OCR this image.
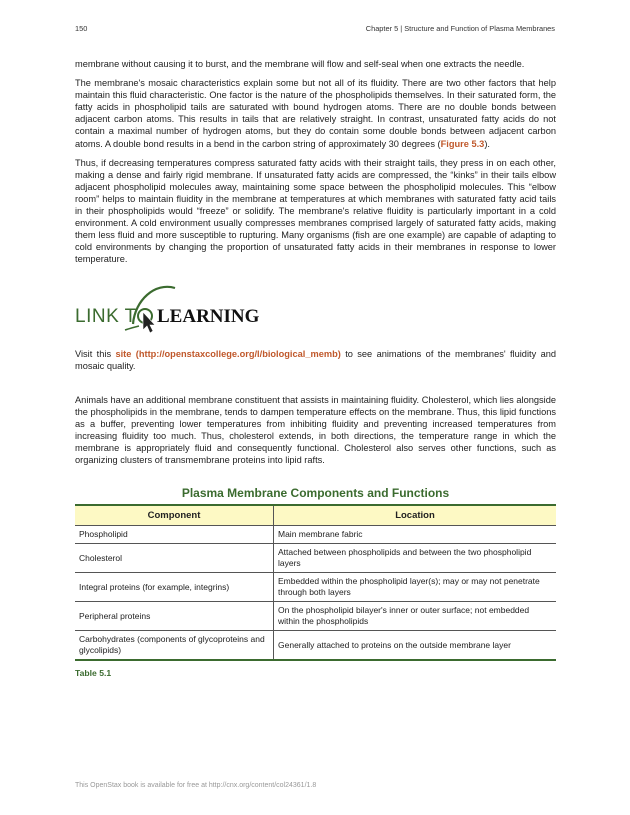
150	Chapter 5 | Structure and Function of Plasma Membranes

membrane without causing it to burst, and the membrane will flow and self-seal when one extracts the needle.

The membrane's mosaic characteristics explain some but not all of its fluidity. There are two other factors that help maintain this fluid characteristic. One factor is the nature of the phospholipids themselves. In their saturated form, the fatty acids in phospholipid tails are saturated with bound hydrogen atoms. There are no double bonds between adjacent carbon atoms. This results in tails that are relatively straight. In contrast, unsaturated fatty acids do not contain a maximal number of hydrogen atoms, but they do contain some double bonds between adjacent carbon atoms. A double bond results in a bend in the carbon string of approximately 30 degrees (Figure 5.3).

Thus, if decreasing temperatures compress saturated fatty acids with their straight tails, they press in on each other, making a dense and fairly rigid membrane. If unsaturated fatty acids are compressed, the “kinks” in their tails elbow adjacent phospholipid molecules away, maintaining some space between the phospholipid molecules. This “elbow room” helps to maintain fluidity in the membrane at temperatures at which membranes with saturated fatty acid tails in their phospholipids would “freeze” or solidify. The membrane's relative fluidity is particularly important in a cold environment. A cold environment usually compresses membranes comprised largely of saturated fatty acids, making them less fluid and more susceptible to rupturing. Many organisms (fish are one example) are capable of adapting to cold environments by changing the proportion of unsaturated fatty acids in their membranes in response to lower temperature.

LINK T LEARNING

Visit this site (http://openstaxcollege.org/l/biological_memb) to see animations of the membranes' fluidity and mosaic quality.

Animals have an additional membrane constituent that assists in maintaining fluidity. Cholesterol, which lies alongside the phospholipids in the membrane, tends to dampen temperature effects on the membrane. Thus, this lipid functions as a buffer, preventing lower temperatures from inhibiting fluidity and preventing increased temperatures from increasing fluidity too much. Thus, cholesterol extends, in both directions, the temperature range in which the membrane is appropriately fluid and consequently functional. Cholesterol also serves other functions, such as organizing clusters of transmembrane proteins into lipid rafts.

Plasma Membrane Components and Functions
Component	Location
Phospholipid	Main membrane fabric
Cholesterol	Attached between phospholipids and between the two phospholipid layers
Integral proteins (for example, integrins)	Embedded within the phospholipid layer(s); may or may not penetrate through both layers
Peripheral proteins	On the phospholipid bilayer's inner or outer surface; not embedded within the phospholipids
Carbohydrates (components of glycoproteins and glycolipids)	Generally attached to proteins on the outside membrane layer
Table 5.1
This OpenStax book is available for free at http://cnx.org/content/col24361/1.8
